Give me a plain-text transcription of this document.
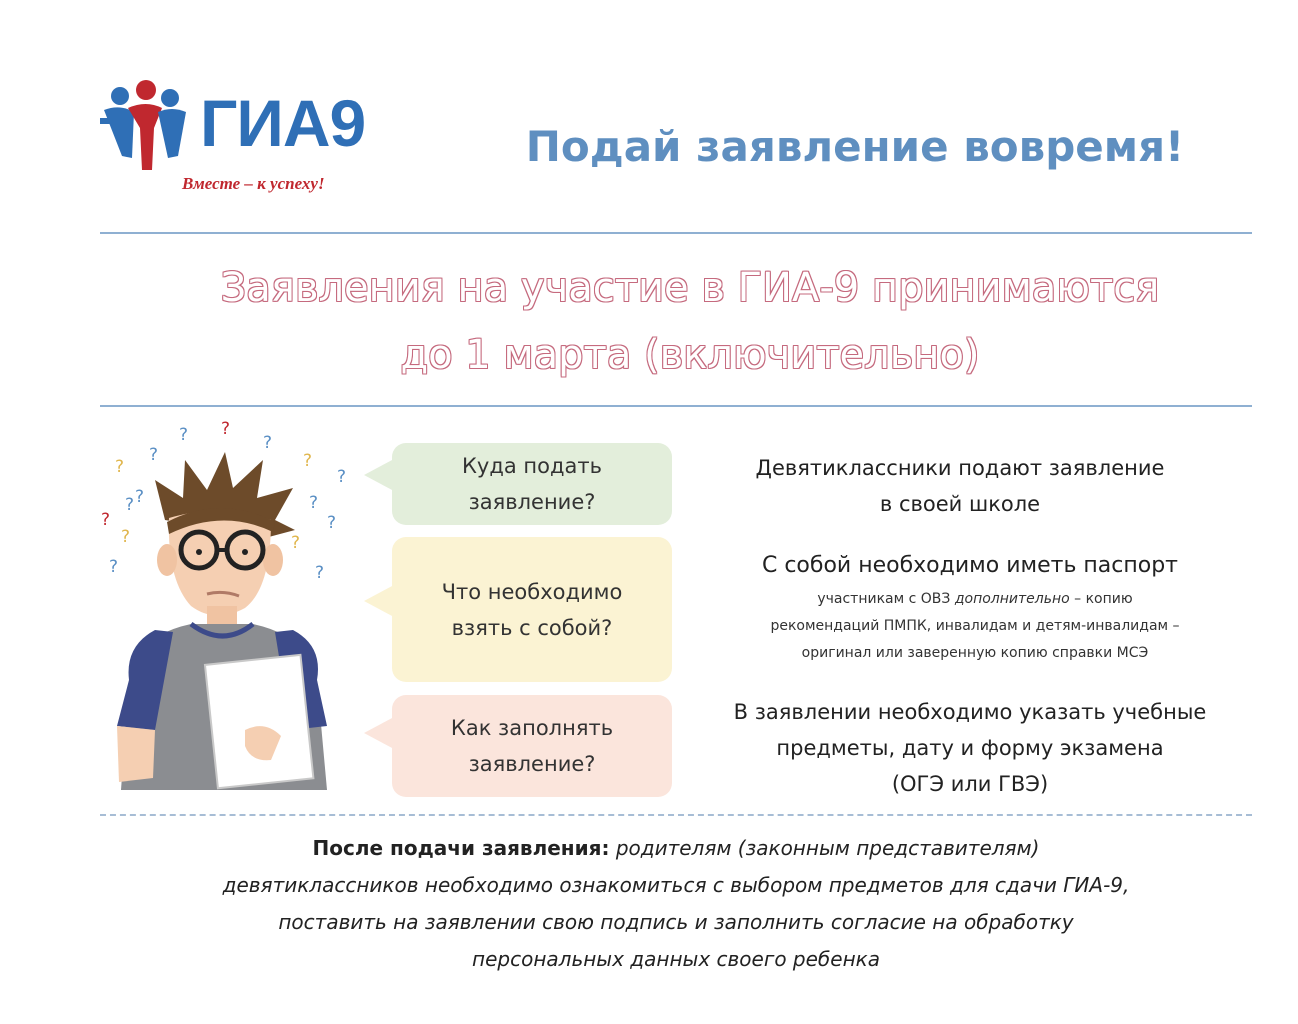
ГИА9
Вместе – к успеху!
Подай заявление вовремя!
Заявления на участие в ГИА-9 принимаются
до 1 марта (включительно)
? ?
?
?
?	?
?
?
?
?
?
?	?
?	?
?
Куда подать
заявление?
Девятиклассники подают заявление
в своей школе
Что необходимо
взять с собой?
С собой необходимо иметь паспорт
участникам с ОВЗ дополнительно – копию
рекомендаций ПМПК, инвалидам и детям-инвалидам –
оригинал или заверенную копию справки МСЭ
Как заполнять
заявление?
В заявлении необходимо указать учебные
предметы, дату и форму экзамена
(ОГЭ или ГВЭ)
После подачи заявления: родителям (законным представителям)
девятиклассников необходимо ознакомиться с выбором предметов для сдачи ГИА-9,
поставить на заявлении свою подпись и заполнить согласие на обработку
персональных данных своего ребенка
